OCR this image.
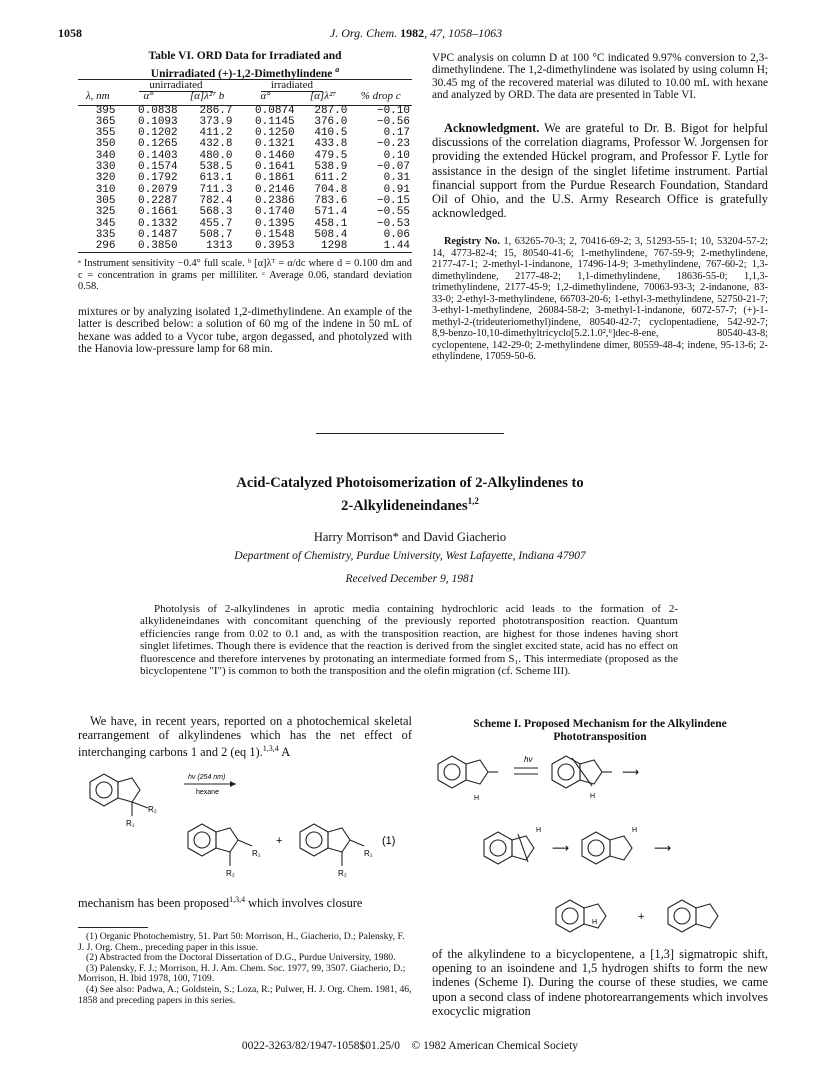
1058	J. Org. Chem. 1982, 47, 1058–1063
Table VI. ORD Data for Irradiated and
Unirradiated (+)-1,2-Dimethylindene $^a$
	unirradiated		irradiated		
λ, nm	α°	[α]λ²⁷ b	α°	[α]λ²⁷	% drop c
395	0.0838	286.7	0.0874	287.0	−0.10
365	0.1093	373.9	0.1145	376.0	−0.56
355	0.1202	411.2	0.1250	410.5	0.17
350	0.1265	432.8	0.1321	433.8	−0.23
340	0.1403	480.0	0.1460	479.5	0.10
330	0.1574	538.5	0.1641	538.9	−0.07
320	0.1792	613.1	0.1861	611.2	0.31
310	0.2079	711.3	0.2146	704.8	0.91
305	0.2287	782.4	0.2386	783.6	−0.15
325	0.1661	568.3	0.1740	571.4	−0.55
345	0.1332	455.7	0.1395	458.1	−0.53
335	0.1487	508.7	0.1548	508.4	0.06
296	0.3850	1313	0.3953	1298	1.44
ᵃ Instrument sensitivity −0.4° full scale. ᵇ [α]λᵀ = α/dc where d = 0.100 dm and c = concentration in grams per milliliter. ᶜ Average 0.06, standard deviation 0.58.
mixtures or by analyzing isolated 1,2-dimethylindene. An example of the latter is described below: a solution of 60 mg of the indene in 50 mL of hexane was added to a Vycor tube, argon degassed, and photolyzed with the Hanovia low-pressure lamp for 68 min.
VPC analysis on column D at 100 °C indicated 9.97% conversion to 2,3-dimethylindene. The 1,2-dimethylindene was isolated by using column H; 30.45 mg of the recovered material was diluted to 10.00 mL with hexane and analyzed by ORD. The data are presented in Table VI.
Acknowledgment. We are grateful to Dr. B. Bigot for helpful discussions of the correlation diagrams, Professor W. Jorgensen for providing the extended Hückel program, and Professor F. Lytle for assistance in the design of the singlet lifetime instrument. Partial financial support from the Purdue Research Foundation, Standard Oil of Ohio, and the U.S. Army Research Office is gratefully acknowledged.
Registry No. 1, 63265-70-3; 2, 70416-69-2; 3, 51293-55-1; 10, 53204-57-2; 14, 4773-82-4; 15, 80540-41-6; 1-methylindene, 767-59-9; 2-methylindene, 2177-47-1; 2-methyl-1-indanone, 17496-14-9; 3-methylindene, 767-60-2; 1,3-dimethylindene, 2177-48-2; 1,1-dimethylindene, 18636-55-0; 1,1,3-trimethylindene, 2177-45-9; 1,2-dimethylindene, 70063-93-3; 2-indanone, 83-33-0; 2-ethyl-3-methylindene, 66703-20-6; 1-ethyl-3-methylindene, 52750-21-7; 3-ethyl-1-methylindene, 26084-58-2; 3-methyl-1-indanone, 6072-57-7; (+)-1-methyl-2-(trideuteriomethyl)indene, 80540-42-7; cyclopentadiene, 542-92-7; 8,9-benzo-10,10-dimethyltricyclo[5.2.1.0²,⁶]dec-8-ene, 80540-43-8; cyclopentene, 142-29-0; 2-methylindene dimer, 80559-48-4; indene, 95-13-6; 2-ethylindene, 17059-50-6.
Acid-Catalyzed Photoisomerization of 2-Alkylindenes to
2-Alkylideneindanes$^{1,2}$
Harry Morrison* and David Giacherio
Department of Chemistry, Purdue University, West Lafayette, Indiana 47907
Received December 9, 1981
Photolysis of 2-alkylindenes in aprotic media containing hydrochloric acid leads to the formation of 2-alkylideneindanes with concomitant quenching of the previously reported phototransposition reaction. Quantum efficiencies range from 0.02 to 0.1 and, as with the transposition reaction, are highest for those indenes having short singlet lifetimes. Though there is evidence that the reaction is derived from the singlet excited state, acid has no effect on fluorescence and therefore intervenes by protonating an intermediate formed from S₁. This intermediate (proposed as the bicyclopentene "I") is common to both the transposition and the olefin migration (cf. Scheme III).
We have, in recent years, reported on a photochemical skeletal rearrangement of alkylindenes which has the net effect of interchanging carbons 1 and 2 (eq 1).$^{1,3,4}$ A
R₂
R₁
hν (254 nm)
hexane
R₁
R₂
+
R₁
R₂
(1)
mechanism has been proposed$^{1,3,4}$ which involves closure

(1) Organic Photochemistry, 51. Part 50: Morrison, H., Giacherio, D.; Palensky, F. J. J. Org. Chem., preceding paper in this issue.

(2) Abstracted from the Doctoral Dissertation of D.G., Purdue University, 1980.

(3) Palensky, F. J.; Morrison, H. J. Am. Chem. Soc. 1977, 99, 3507. Giacherio, D.; Morrison, H. Ibid 1978, 100, 7109.

(4) See also: Padwa, A.; Goldstein, S.; Loza, R.; Pulwer, H. J. Org. Chem. 1981, 46, 1858 and preceding papers in this series.

Scheme I. Proposed Mechanism for the Alkylindene
Phototransposition
hν
⟶
⟶	⟶
H	H
H	H
H	+
of the alkylindene to a bicyclopentene, a [1,3] sigmatropic shift, opening to an isoindene and 1,5 hydrogen shifts to form the new indenes (Scheme I). During the course of these studies, we came upon a second class of indene photorearrangements which involves exocyclic migration
0022-3263/82/1947-1058$01.25/0 © 1982 American Chemical Society
